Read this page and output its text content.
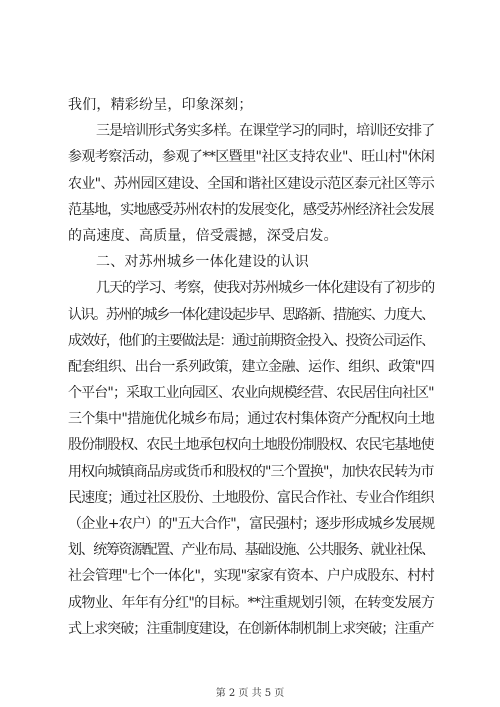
我们，精彩纷呈，印象深刻；
三是培训形式务实多样。在课堂学习的同时，培训还安排了
参观考察活动，参观了**区暨里"社区支持农业"、旺山村"休闲
农业"、苏州园区建设、全国和谐社区建设示范区泰元社区等示
范基地，实地感受苏州农村的发展变化，感受苏州经济社会发展
的高速度、高质量，倍受震撼，深受启发。
二、对苏州城乡一体化建设的认识
几天的学习、考察，使我对苏州城乡一体化建设有了初步的
认识。苏州的城乡一体化建设起步早、思路新、措施实、力度大、
成效好，他们的主要做法是：通过前期资金投入、投资公司运作、
配套组织、出台一系列政策，建立金融、运作、组织、政策"四
个平台"；采取工业向园区、农业向规模经营、农民居住向社区"
三个集中"措施优化城乡布局；通过农村集体资产分配权向土地
股份制股权、农民土地承包权向土地股份制股权、农民宅基地使
用权向城镇商品房或货币和股权的"三个置换"，加快农民转为市
民速度；通过社区股份、土地股份、富民合作社、专业合作组织
（企业+农户）的"五大合作"，富民强村；逐步形成城乡发展规
划、统筹资源配置、产业布局、基础设施、公共服务、就业社保、
社会管理"七个一体化"，实现"家家有资本、户户成股东、村村
成物业、年年有分红"的目标。**注重规划引领，在转变发展方
式上求突破；注重制度建设，在创新体制机制上求突破；注重产
第 2 页 共 5 页
